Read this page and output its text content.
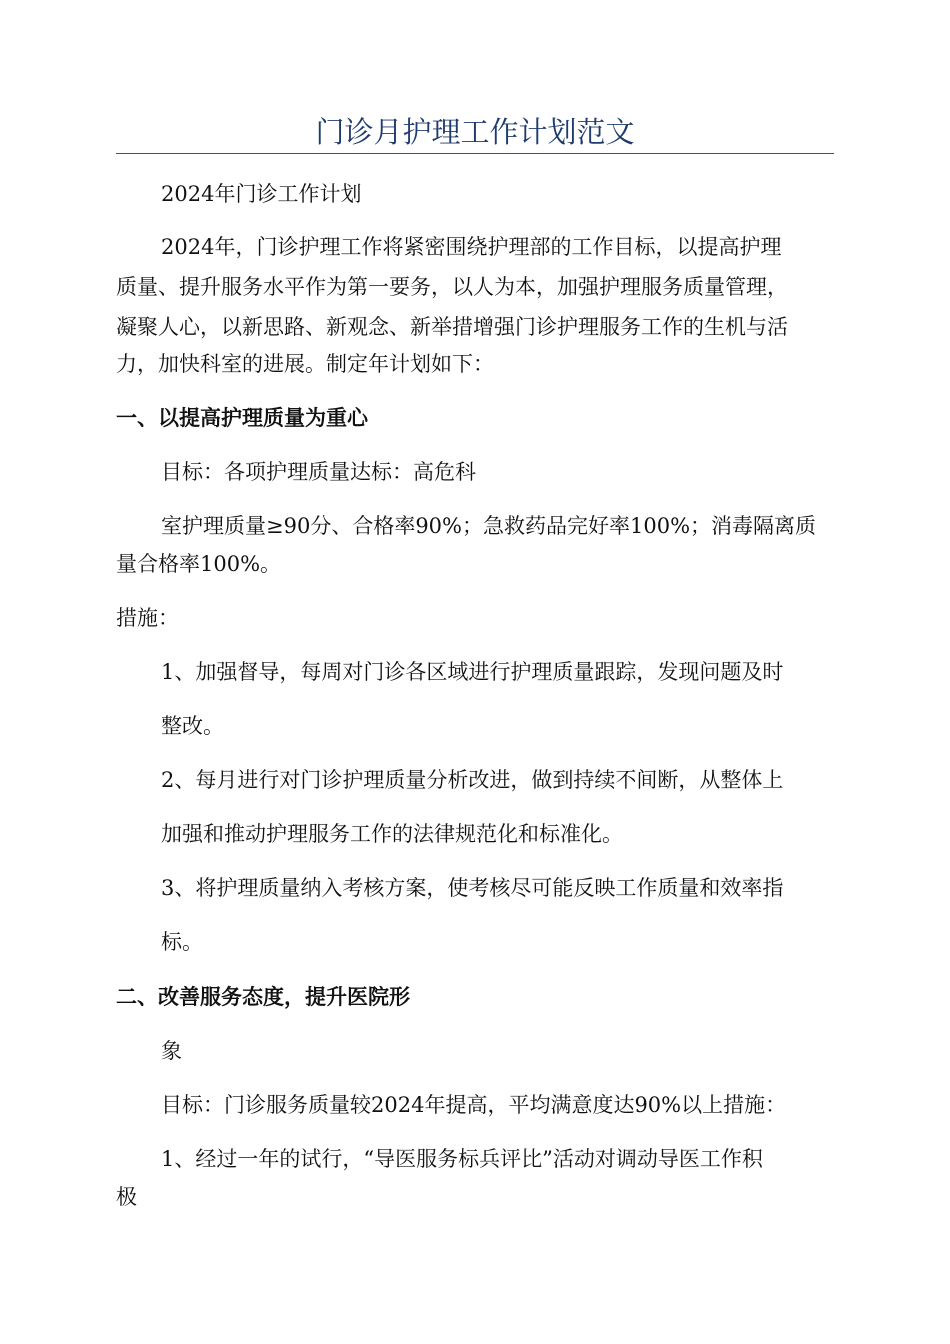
门诊月护理工作计划范文

2024年门诊工作计划

2024年，门诊护理工作将紧密围绕护理部的工作目标，以提高护理

质量、提升服务水平作为第一要务，以人为本，加强护理服务质量管理，

凝聚人心，以新思路、新观念、新举措增强门诊护理服务工作的生机与活

力，加快科室的进展。制定年计划如下：

一、以提高护理质量为重心

目标：各项护理质量达标：高危科

室护理质量≥90分、合格率90%；急救药品完好率100%；消毒隔离质

量合格率100%。

措施：

1、加强督导，每周对门诊各区域进行护理质量跟踪，发现问题及时

整改。

2、每月进行对门诊护理质量分析改进，做到持续不间断，从整体上

加强和推动护理服务工作的法律规范化和标准化。

3、将护理质量纳入考核方案，使考核尽可能反映工作质量和效率指

标。

二、改善服务态度，提升医院形

象

目标：门诊服务质量较2024年提高，平均满意度达90%以上措施：

1、经过一年的试行，“导医服务标兵评比”活动对调动导医工作积

极
